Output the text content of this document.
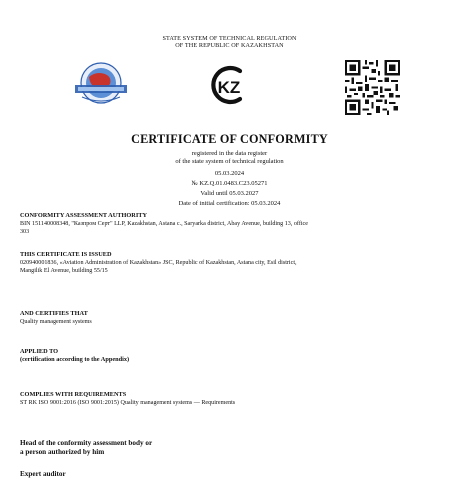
STATE SYSTEM OF TECHNICAL REGULATION
OF THE REPUBLIC OF KAZAKHSTAN
KZ
CERTIFICATE OF CONFORMITY
registered in the data register
of the state system of technical regulation
05.03.2024
№ KZ.Q.01.0483.C23.05271
Valid until 05.03.2027
Date of initial certification: 05.03.2024
CONFORMITY ASSESSMENT AUTHORITY
BIN 151140008348, "Казпром Серт" LLP, Kazakhstan, Astana c., Saryarka district, Abay Avenue, building 13, office
303
THIS CERTIFICATE IS ISSUED
020940001836, «Aviation Administration of Kazakhstan» JSC, Republic of Kazakhstan, Astana city, Esil district,
Mangilik El Avenue, building 55/15
AND CERTIFIES THAT
Quality management systems
APPLIED TO
(certification according to the Appendix)
COMPLIES WITH REQUIREMENTS
ST RK ISO 9001:2016 (ISO 9001:2015) Quality management systems — Requirements
Head of the conformity assessment body or
a person authorized by him
Expert auditor
